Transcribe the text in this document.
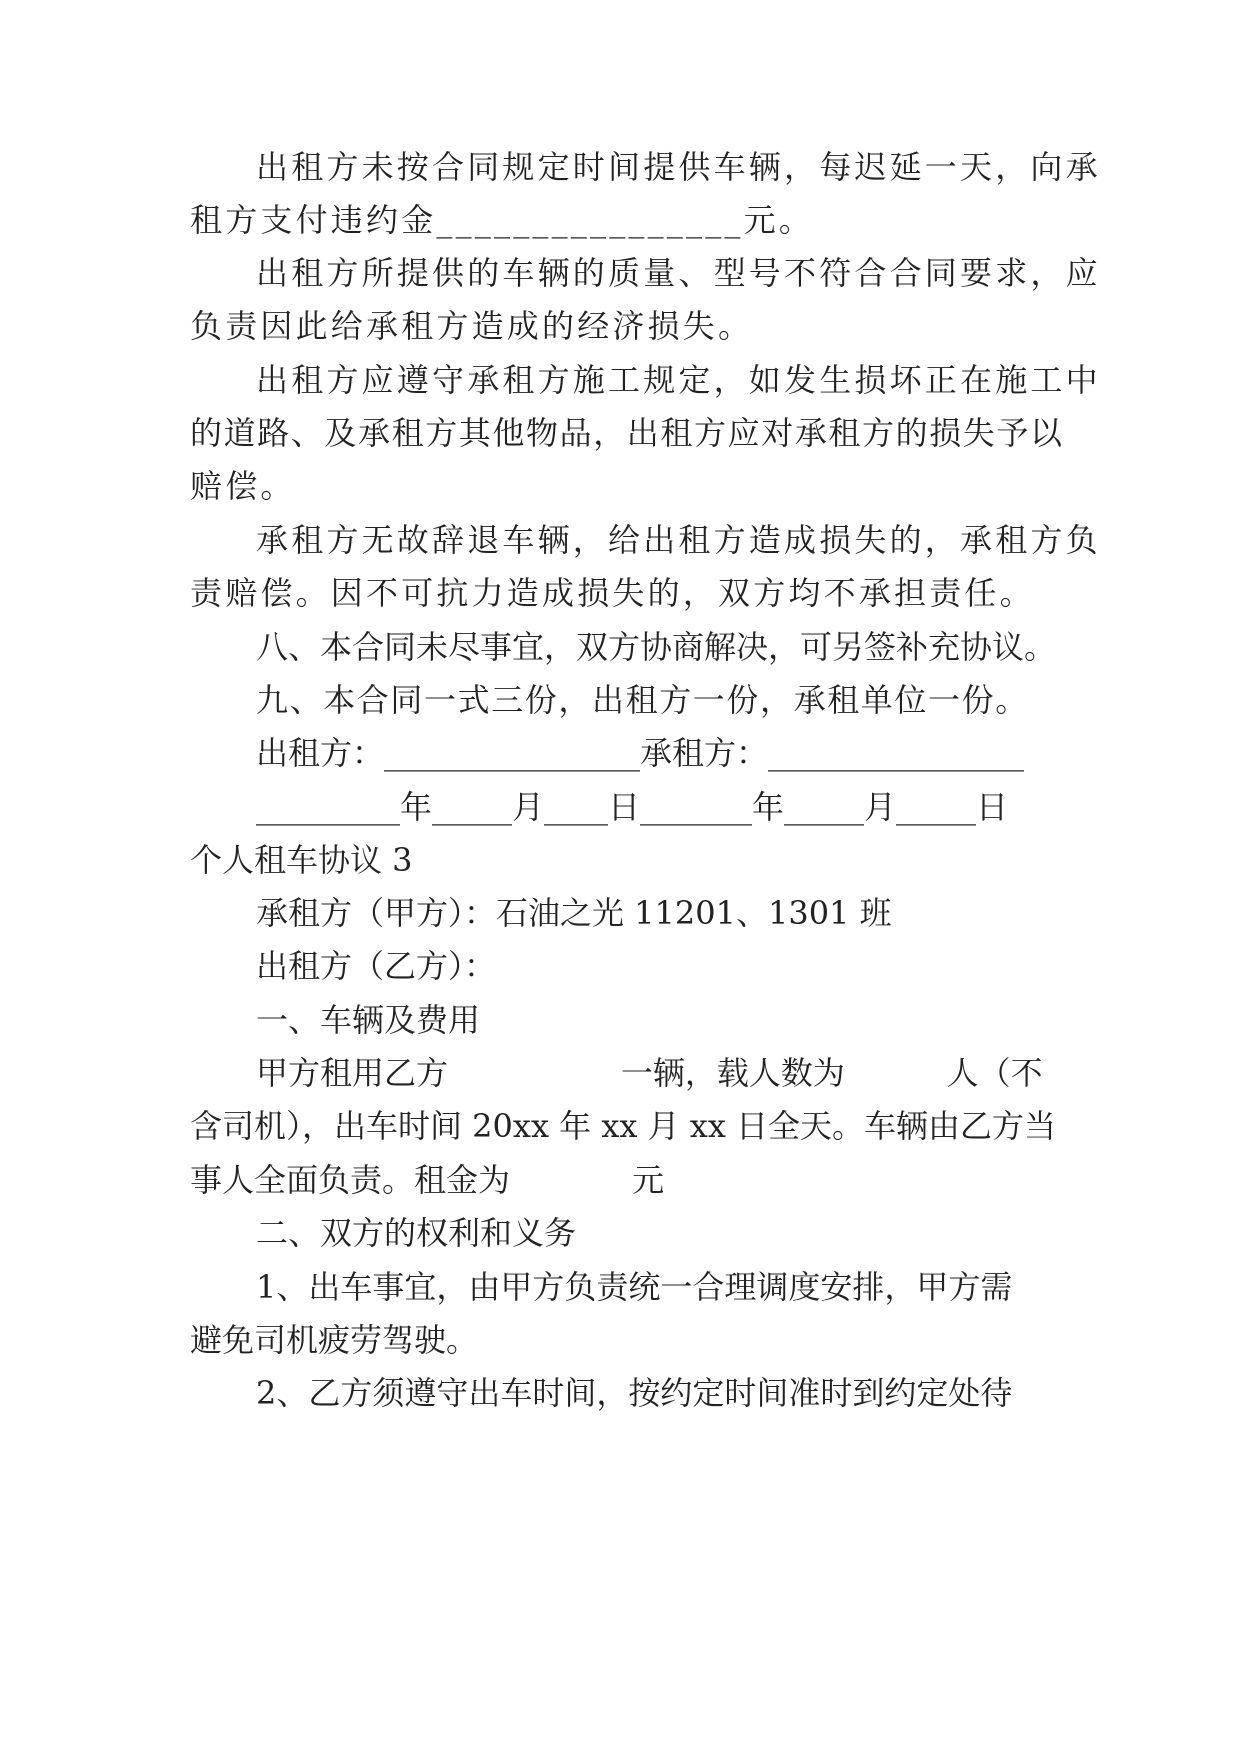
出租方未按合同规定时间提供车辆，每迟延一天，向承
租方支付违约金________________元。
出租方所提供的车辆的质量、型号不符合合同要求，应
负责因此给承租方造成的经济损失。
出租方应遵守承租方施工规定，如发生损坏正在施工中
的道路、及承租方其他物品，出租方应对承租方的损失予以
赔偿。
承租方无故辞退车辆，给出租方造成损失的，承租方负
责赔偿。因不可抗力造成损失的，双方均不承担责任。
八、本合同未尽事宜，双方协商解决，可另签补充协议。
九、本合同一式三份，出租方一份，承租单位一份。
出租方：________________承租方：________________
_________年_____月____日_______年_____月_____日
个人租车协议 3
承租方（甲方）：石油之光 11201、1301 班
出租方（乙方）：
一、车辆及费用
甲方租用乙方                 一辆，载人数为          人（不
含司机），出车时间 20xx 年 xx 月 xx 日全天。车辆由乙方当
事人全面负责。租金为            元
二、双方的权利和义务
1、出车事宜，由甲方负责统一合理调度安排，甲方需
避免司机疲劳驾驶。
2、乙方须遵守出车时间，按约定时间准时到约定处待
